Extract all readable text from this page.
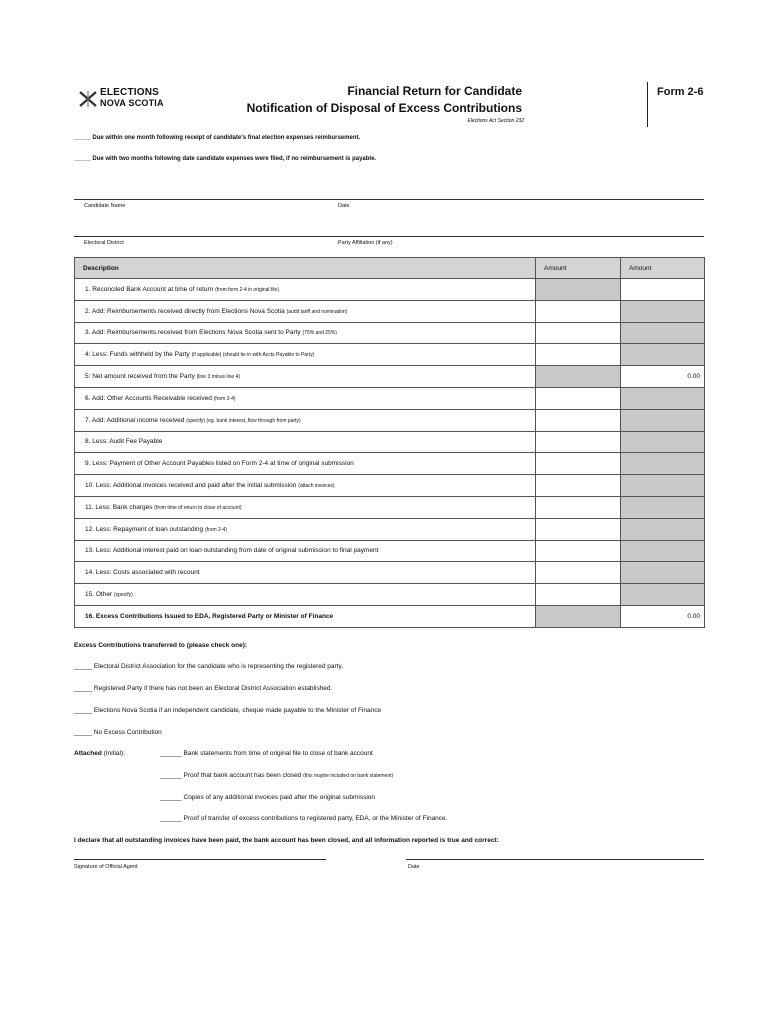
ELECTIONS
NOVA SCOTIA
Financial Return for Candidate
Notification of Disposal of Excess Contributions
Form 2-6
Elections Act Section 232
_____ Due within one month following receipt of candidate's final election expenses reimbursement.
_____ Due with two months following date candidate expenses were filed, if no reimbursement is payable.
Candidate Name	Date
Electoral District	Party Affiliation (if any)
Description	Amount	Amount
1. Reconciled Bank Account at time of return (from form 2-4 in original file)		
2. Add: Reimbursements received directly from Elections Nova Scotia (audit tariff and nomination)		
3. Add: Reimbursements received from Elections Nova Scotia sent to Party (75% and 25%)		
4: Less: Funds withheld by the Party (if applicable) (should tie in with Accts Payable to Party)		
5: Net amount received from the Party (line 3 minus line 4)		0.00
6. Add: Other Accounts Receivable received (from 2-4)		
7. Add: Additional income received (specify) (eg. bank interest, flow through from party)		
8. Less: Audit Fee Payable		
9. Less: Payment of Other Account Payables listed on Form 2-4 at time of original submission		
10. Less: Additional invoices received and paid after the initial submission (attach invoices)		
11. Less: Bank charges (from time of return to close of account)		
12. Less: Repayment of loan outstanding (from 2-4)		
13. Less: Additional interest paid on loan outstanding from date of original submission to final payment		
14. Less: Costs associated with recount		
15. Other (specify) :		
16. Excess Contributions Issued to EDA, Registered Party or Minister of Finance		0.00
Excess Contributions transferred to (please check one):
_____ Electoral District Association for the candidate who is representing the registered party.
_____ Registered Party if there has not been an Electoral District Association established.
_____ Elections Nova Scotia if an independent candidate, cheque made payable to the Minister of Finance
_____ No Excess Contribution
Attached (Initial):	______ Bank statements from time of original file to close of bank account
______ Proof that bank account has been closed (this maybe included on bank statement)
______ Copies of any additional invoices paid after the original submission
______ Proof of transfer of excess contributions to registered party, EDA, or the Minister of Finance.
I declare that all outstanding invoices have been paid, the bank account has been closed, and all information reported is true and correct:
Signature of Official Agent	Date
